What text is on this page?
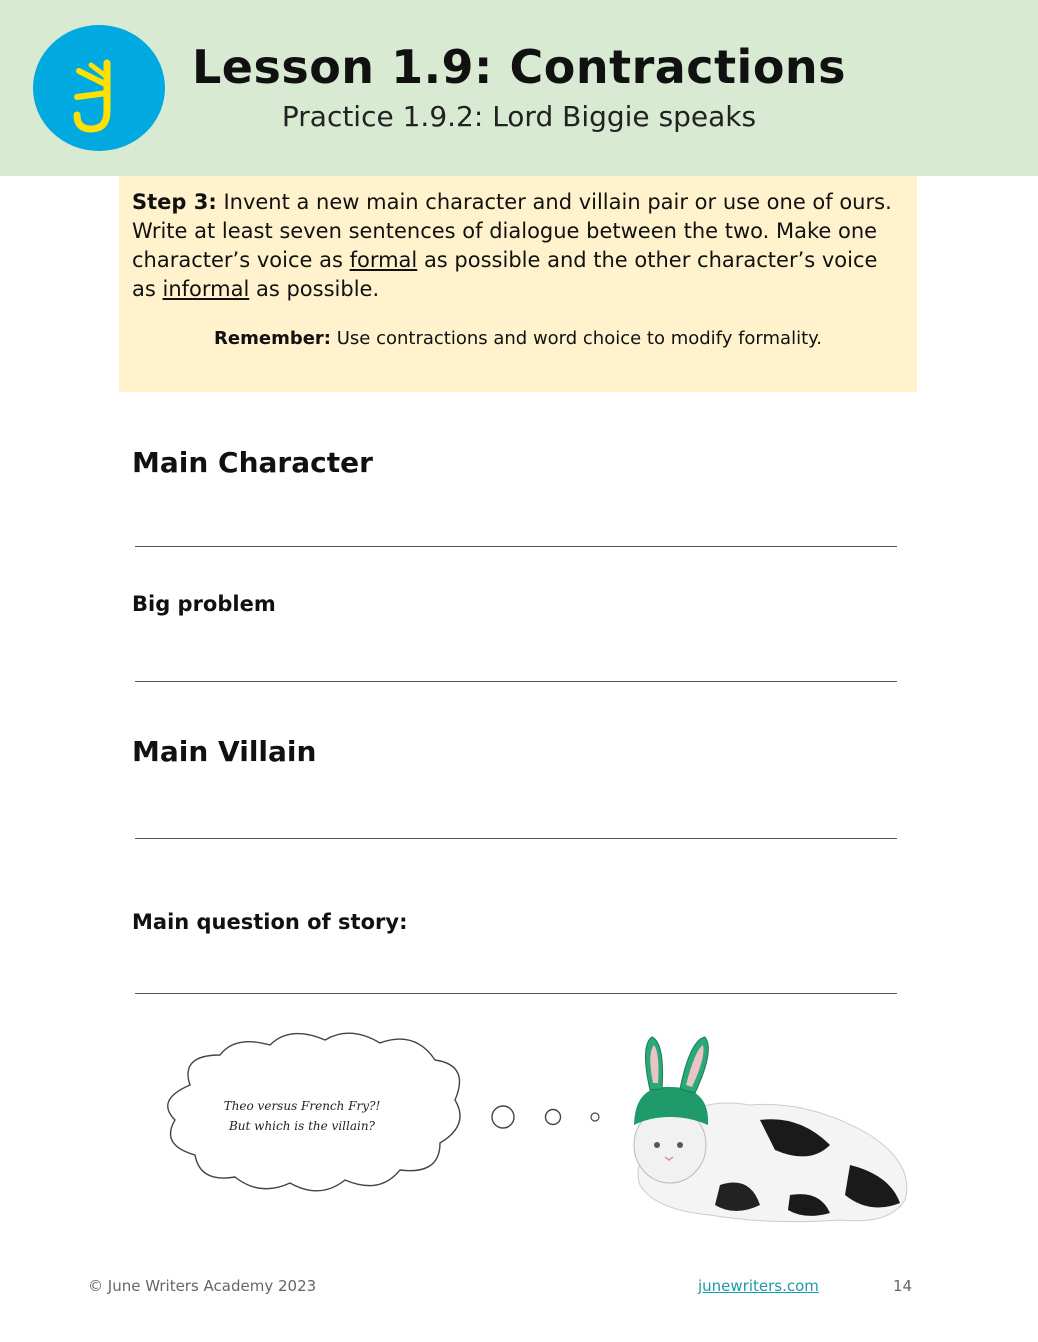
Lesson 1.9: Contractions
Practice 1.9.2: Lord Biggie speaks

Step 3: Invent a new main character and villain pair or use one of ours. Write at least seven sentences of dialogue between the two. Make one character’s voice as formal as possible and the other character’s voice as informal as possible.

Remember: Use contractions and word choice to modify formality.
Main Character
Big problem
Main Villain
Main question of story:
Theo versus French Fry?!
But which is the villain?
© June Writers Academy 2023	junewriters.com	14
